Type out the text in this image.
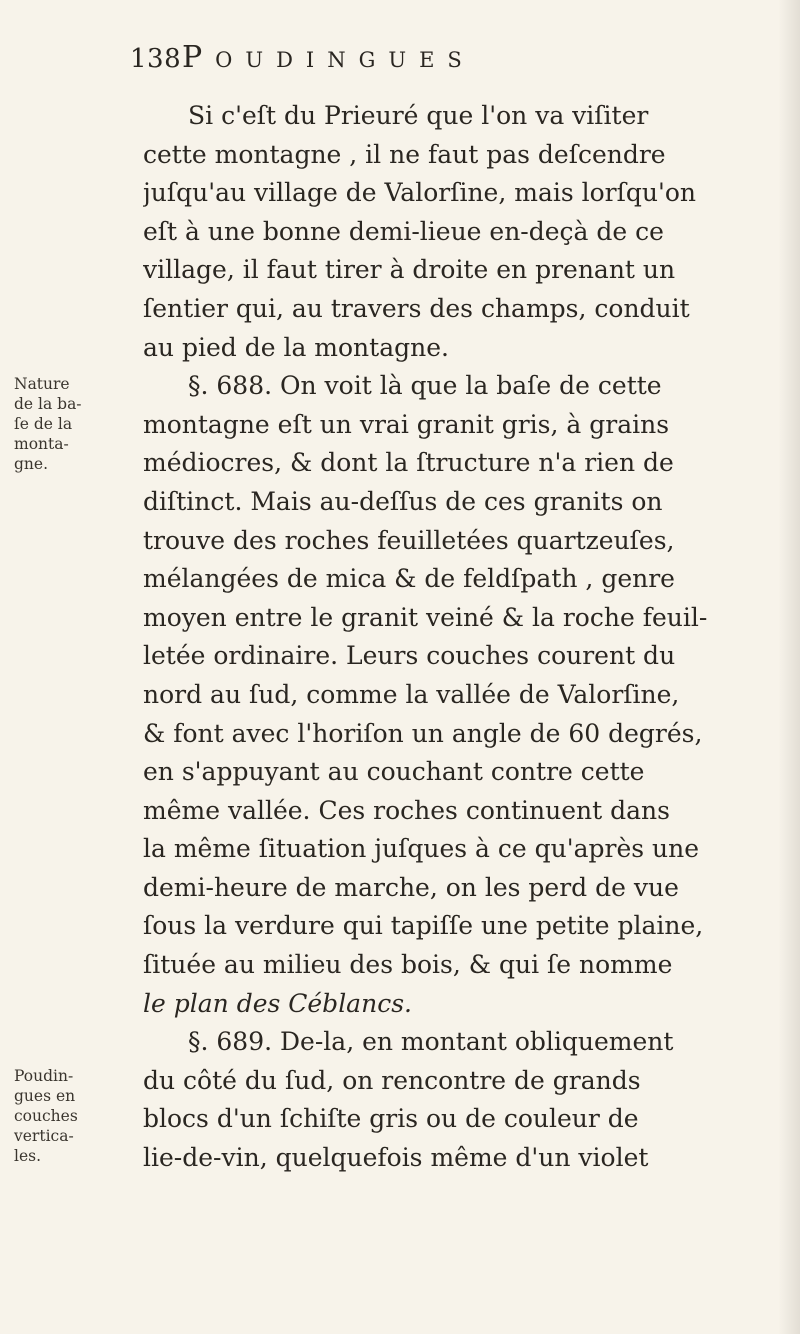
138 Poudingues
Si c'eſt du Prieuré que l'on va viſiter
cette montagne , il ne faut pas deſcendre
juſqu'au village de Valorſine, mais lorſqu'on
eſt à une bonne demi-lieue en-deçà de ce
village, il faut tirer à droite en prenant un
ſentier qui, au travers des champs, conduit
au pied de la montagne.
§. 688. On voit là que la baſe de cette
montagne eſt un vrai granit gris, à grains
médiocres, & dont la ſtructure n'a rien de
diſtinct. Mais au-deſſus de ces granits on
trouve des roches feuilletées quartzeuſes,
mélangées de mica & de feldſpath , genre
moyen entre le granit veiné & la roche feuil-
letée ordinaire. Leurs couches courent du
nord au ſud, comme la vallée de Valorſine,
& font avec l'horiſon un angle de 60 degrés,
en s'appuyant au couchant contre cette
même vallée. Ces roches continuent dans
la même ſituation juſques à ce qu'après une
demi-heure de marche, on les perd de vue
ſous la verdure qui tapiſſe une petite plaine,
ſituée au milieu des bois, & qui ſe nomme
le plan des Céblancs.
§. 689. De-la, en montant obliquement
du côté du ſud, on rencontre de grands
blocs d'un ſchiſte gris ou de couleur de
lie-de-vin, quelquefois même d'un violet
Nature
de la ba-
ſe de la
monta-
gne.
Poudin-
gues en
couches
vertica-
les.
